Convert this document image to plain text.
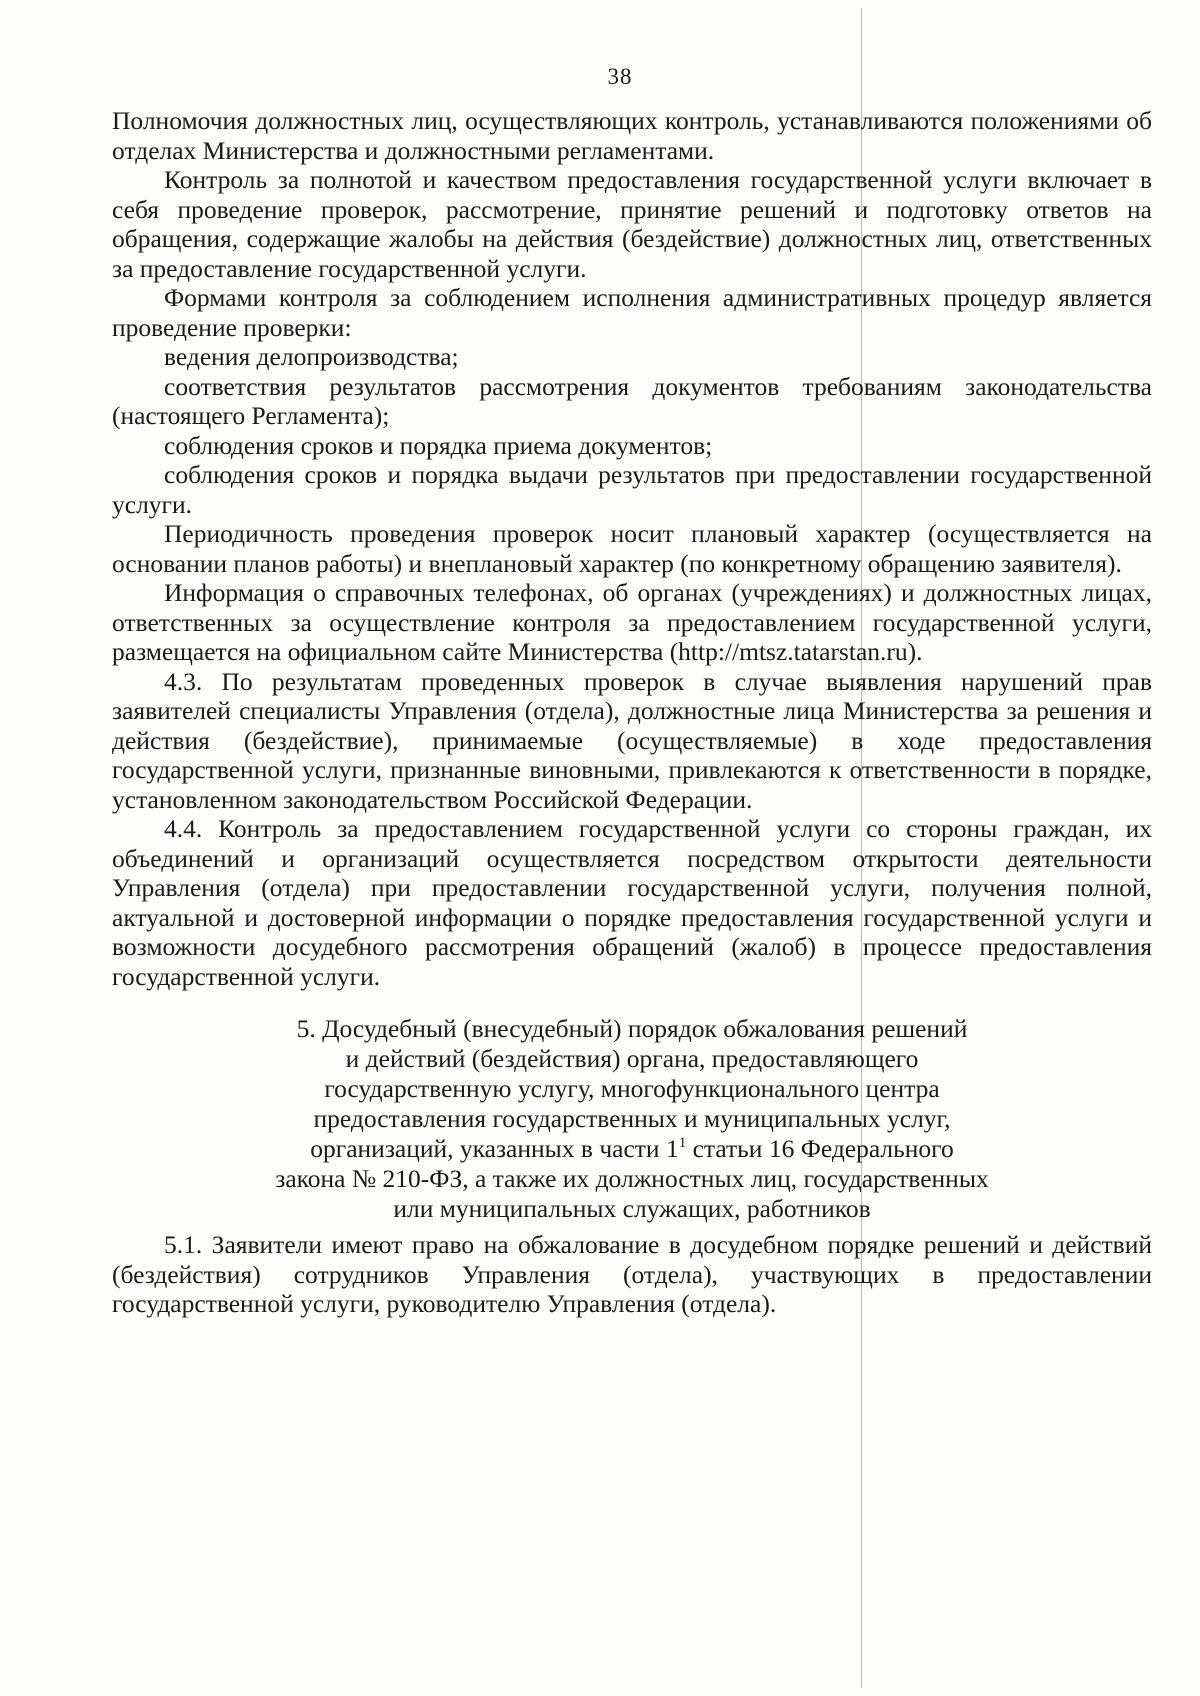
38

Полномочия должностных лиц, осуществляющих контроль, устанавливаются положениями об отделах Министерства и должностными регламентами.

Контроль за полнотой и качеством предоставления государственной услуги включает в себя проведение проверок, рассмотрение, принятие решений и подготовку ответов на обращения, содержащие жалобы на действия (бездействие) должностных лиц, ответственных за предоставление государственной услуги.

Формами контроля за соблюдением исполнения административных процедур является проведение проверки:

ведения делопроизводства;

соответствия результатов рассмотрения документов требованиям законодательства (настоящего Регламента);

соблюдения сроков и порядка приема документов;

соблюдения сроков и порядка выдачи результатов при предоставлении государственной услуги.

Периодичность проведения проверок носит плановый характер (осуществляется на основании планов работы) и внеплановый характер (по конкретному обращению заявителя).

Информация о справочных телефонах, об органах (учреждениях) и должностных лицах, ответственных за осуществление контроля за предоставлением государственной услуги, размещается на официальном сайте Министерства (http://mtsz.tatarstan.ru).

4.3. По результатам проведенных проверок в случае выявления нарушений прав заявителей специалисты Управления (отдела), должностные лица Министерства за решения и действия (бездействие), принимаемые (осуществляемые) в ходе предоставления государственной услуги, признанные виновными, привлекаются к ответственности в порядке, установленном законодательством Российской Федерации.

4.4. Контроль за предоставлением государственной услуги со стороны граждан, их объединений и организаций осуществляется посредством открытости деятельности Управления (отдела) при предоставлении государственной услуги, получения полной, актуальной и достоверной информации о порядке предоставления государственной услуги и возможности досудебного рассмотрения обращений (жалоб) в процессе предоставления государственной услуги.

5. Досудебный (внесудебный) порядок обжалования решений
и действий (бездействия) органа, предоставляющего
государственную услугу, многофункционального центра
предоставления государственных и муниципальных услуг,
организаций, указанных в части $1^1$ статьи 16 Федерального
закона № 210-ФЗ, а также их должностных лиц, государственных
или муниципальных служащих, работников

5.1. Заявители имеют право на обжалование в досудебном порядке решений и действий (бездействия) сотрудников Управления (отдела), участвующих в предоставлении государственной услуги, руководителю Управления (отдела).
